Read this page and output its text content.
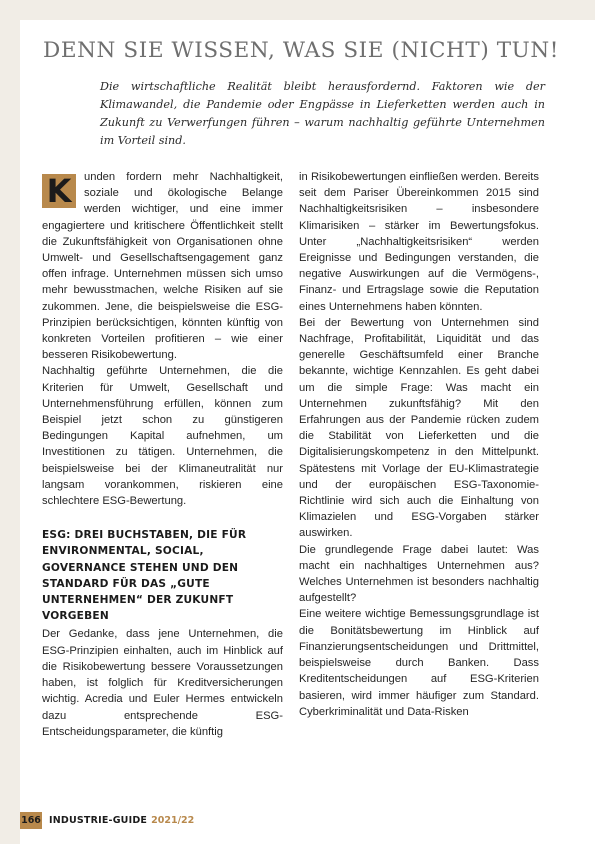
DENN SIE WISSEN, WAS SIE (NICHT) TUN!

Die wirtschaftliche Realität bleibt herausfordernd. Faktoren wie der Klimawandel, die Pandemie oder Engpässe in Lieferketten werden auch in Zukunft zu Verwerfungen führen – warum nachhaltig geführte Unternehmen im Vorteil sind.

K	unden fordern mehr Nachhaltigkeit, soziale und ökologische Belange werden wichtiger, und eine immer engagiertere und kritischere Öffentlichkeit stellt die Zukunftsfähigkeit von Organisationen ohne Umwelt- und Gesellschaftsengagement ganz offen infrage. Unternehmen müssen sich umso mehr bewusstmachen, welche Risiken auf sie zukommen. Jene, die beispielsweise die ESG-Prinzipien berücksichtigen, könnten künftig von konkreten Vorteilen profitieren – wie einer besseren Risikobewertung.

Nachhaltig geführte Unternehmen, die die Kriterien für Umwelt, Gesellschaft und Unternehmensführung erfüllen, können zum Beispiel jetzt schon zu günstigeren Bedingungen Kapital aufnehmen, um Investitionen zu tätigen. Unternehmen, die beispielsweise bei der Klimaneutralität nur langsam vorankommen, riskieren eine schlechtere ESG-Bewertung.

ESG: DREI BUCHSTABEN, DIE FÜR ENVIRONMENTAL, SOCIAL, GOVERNANCE STEHEN UND DEN STANDARD FÜR DAS „GUTE UNTERNEHMEN“ DER ZUKUNFT VORGEBEN

Der Gedanke, dass jene Unternehmen, die ESG-Prinzipien einhalten, auch im Hinblick auf die Risikobewertung bessere Voraussetzungen haben, ist folglich für Kreditversicherungen wichtig. Acredia und Euler Hermes entwickeln dazu entsprechende ESG-Entscheidungsparameter, die künftig

in Risikobewertungen einfließen werden. Bereits seit dem Pariser Übereinkommen 2015 sind Nachhaltigkeitsrisiken – insbesondere Klimarisiken – stärker im Bewertungsfokus. Unter „Nachhaltigkeitsrisiken“ werden Ereignisse und Bedingungen verstanden, die negative Auswirkungen auf die Vermögens-, Finanz- und Ertragslage sowie die Reputation eines Unternehmens haben könnten.

Bei der Bewertung von Unternehmen sind Nachfrage, Profitabilität, Liquidität und das generelle Geschäftsumfeld einer Branche bekannte, wichtige Kennzahlen. Es geht dabei um die simple Frage: Was macht ein Unternehmen zukunftsfähig? Mit den Erfahrungen aus der Pandemie rücken zudem die Stabilität von Lieferketten und die Digitalisierungskompetenz in den Mittelpunkt. Spätestens mit Vorlage der EU-Klimastrategie und der europäischen ESG-Taxonomie-Richtlinie wird sich auch die Einhaltung von Klimazielen und ESG-Vorgaben stärker auswirken.

Die grundlegende Frage dabei lautet: Was macht ein nachhaltiges Unternehmen aus? Welches Unternehmen ist besonders nachhaltig aufgestellt?

Eine weitere wichtige Bemessungsgrundlage ist die Bonitätsbewertung im Hinblick auf Finanzierungsentscheidungen und Drittmittel, beispielsweise durch Banken. Dass Kreditentscheidungen auf ESG-Kriterien basieren, wird immer häufiger zum Standard. Cyberkriminalität und Data-Risken

166 INDUSTRIE-GUIDE 2021/22
